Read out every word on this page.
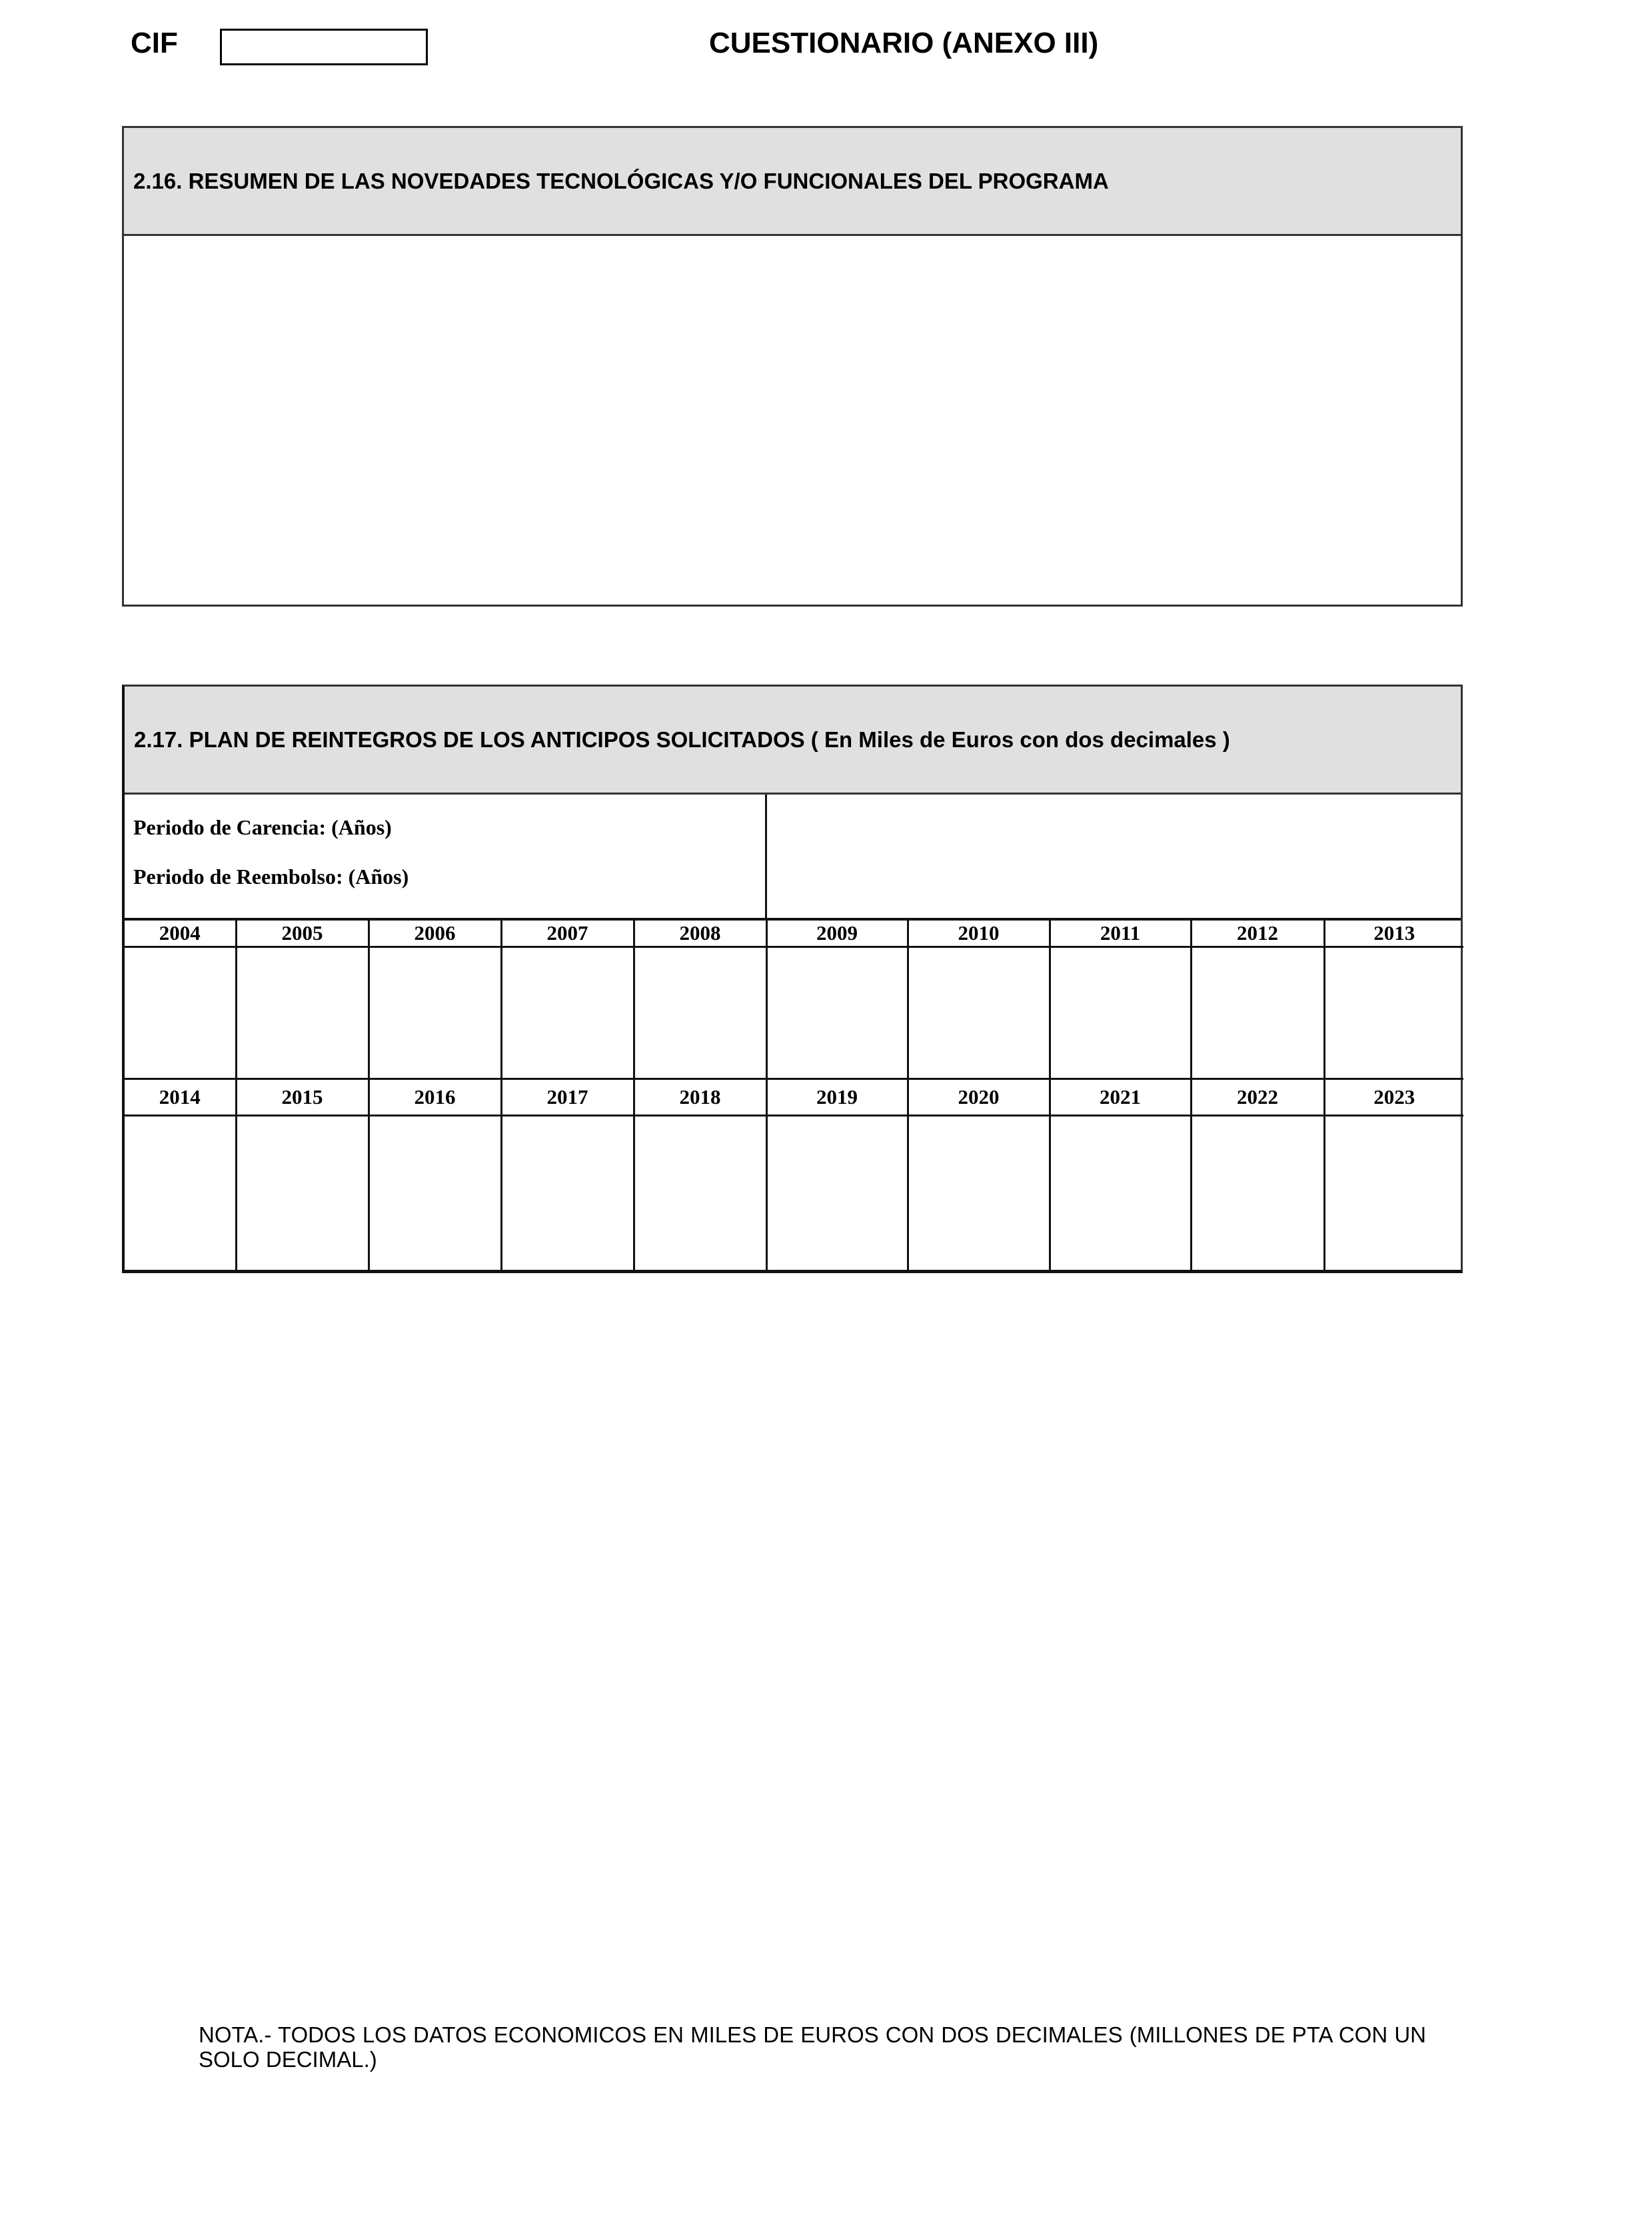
CIF	CUESTIONARIO (ANEXO III)
2.16. RESUMEN DE LAS NOVEDADES TECNOLÓGICAS Y/O FUNCIONALES DEL PROGRAMA
2.17. PLAN DE REINTEGROS DE LOS ANTICIPOS SOLICITADOS ( En Miles de Euros con dos decimales )
Periodo de Carencia: (Años)
Periodo de Reembolso: (Años)
2004	2005	2006	2007	2008	2009	2010	2011	2012	2013

2014	2015	2016	2017	2018	2019	2020	2021	2022	2023

NOTA.- TODOS LOS DATOS ECONOMICOS EN MILES DE EUROS CON DOS DECIMALES (MILLONES DE PTA CON UN SOLO DECIMAL.)
